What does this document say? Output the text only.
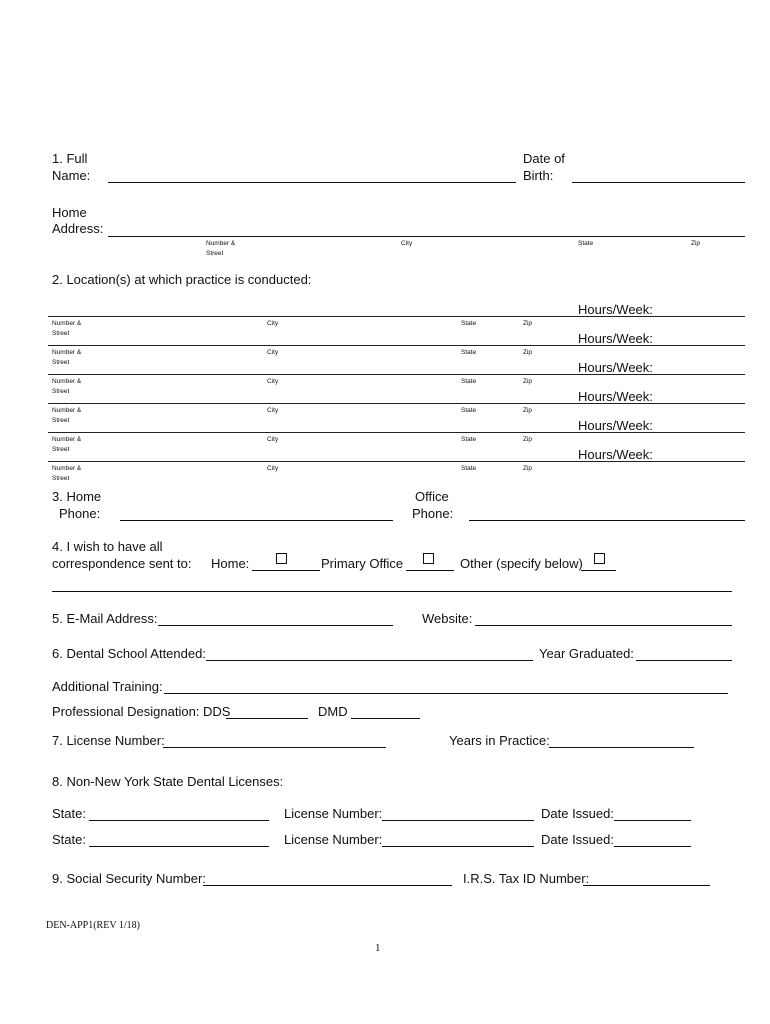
1. Full
Name:
Date of
Birth:
Home
Address:
Number &
Street
City	State	Zip
2. Location(s) at which practice is conducted:
Hours/Week:
Number &
Street
City	State	Zip
Hours/Week:
Number &
Street
City	State	Zip
Hours/Week:
Number &
Street
City	State	Zip
Hours/Week:
Number &
Street
City	State	Zip
Hours/Week:
Number &
Street
City	State	Zip
Hours/Week:
Number &
Street
City	State	Zip
3. Home
Phone:
Office
Phone:
4. I wish to have all
correspondence sent to: Home:	Primary Office	Other (specify below)
5. E-Mail Address:	Website:
6. Dental School Attended:	Year Graduated:
Additional Training:
Professional Designation: DDS	DMD
7. License Number:	Years in Practice:
8. Non-New York State Dental Licenses:
State:	License Number:	Date Issued:
State:	License Number:	Date Issued:
9. Social Security Number:	I.R.S. Tax ID Number:
DEN-APP1(REV 1/18)
1
